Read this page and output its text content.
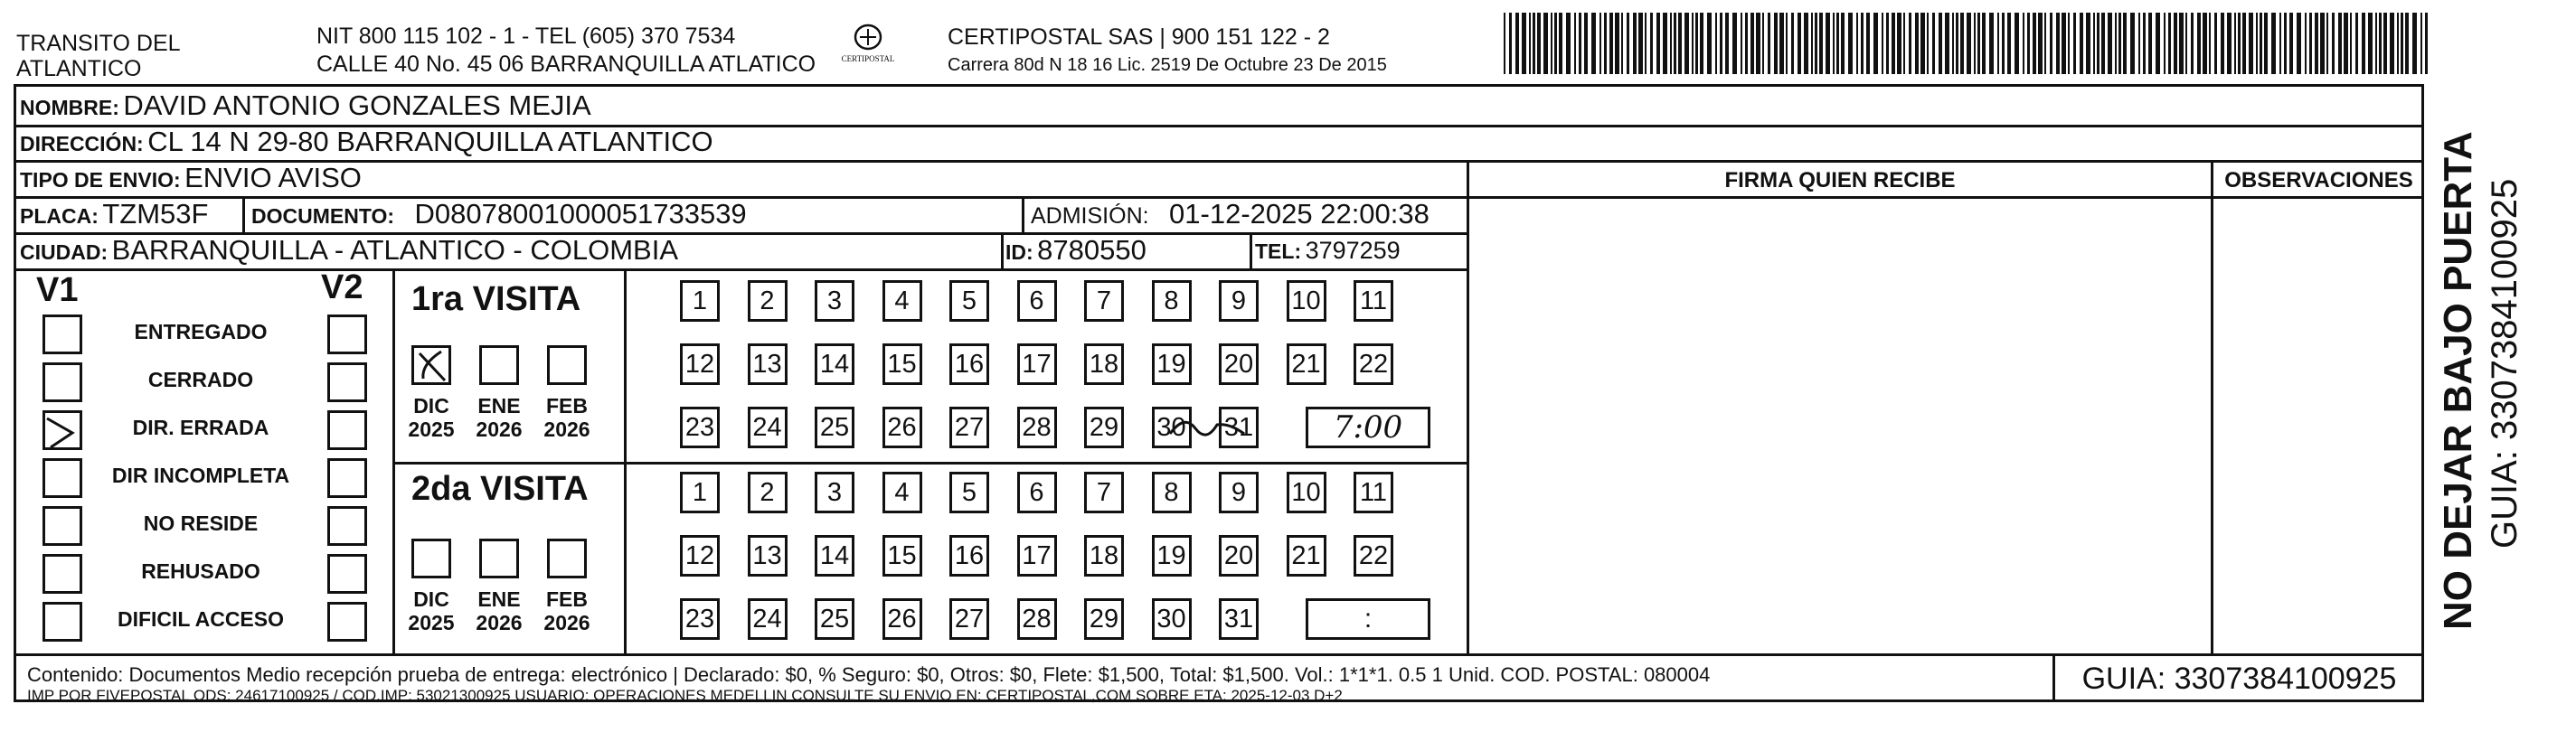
TRANSITO DEL
ATLANTICO
NIT 800 115 102 - 1 - TEL (605) 370 7534
CALLE 40 No. 45 06 BARRANQUILLA ATLATICO	CERTIPOSTAL
CERTIPOSTAL SAS | 900 151 122 - 2
Carrera 80d N 18 16 Lic. 2519 De Octubre 23 De 2015
NOMBRE: DAVID ANTONIO GONZALES MEJIA
DIRECCIÓN: CL 14 N 29-80 BARRANQUILLA ATLANTICO
TIPO DE ENVIO: ENVIO AVISO	FIRMA QUIEN RECIBE	OBSERVACIONES
PLACA: TZM53F DOCUMENTO: D08078001000051733539	ADMISIÓN: 01-12-2025 22:00:38
CIUDAD: BARRANQUILLA - ATLANTICO - COLOMBIA	ID: 8780550	TEL: 3797259
V1	V2
ENTREGADO
CERRADO
DIR. ERRADA
DIR INCOMPLETA
NO RESIDE
REHUSADO
DIFICIL ACCESO
1ra VISITA
2da VISITA
DIC
2025
ENE
2026
FEB
2026
DIC
2025
ENE
2026
FEB
2026
1	2	3	4	5	6	7	8	9	10 11
12 13 14 15 16 17 18 19 20 21 22
23 24 25 26 27 28 29 30 31
1	2	3	4	5	6	7	8	9	10 11
12 13 14 15 16 17 18 19 20 21 22
23 24 25 26 27 28 29 30 31
7:00
:
Contenido: Documentos Medio recepción prueba de entrega: electrónico | Declarado: $0, % Seguro: $0, Otros: $0, Flete: $1,500, Total: $1,500. Vol.: 1*1*1. 0.5 1 Unid. COD. POSTAL: 080004
IMP POR FIVEPOSTAL ODS: 24617100925 / COD.IMP: 53021300925 USUARIO: OPERACIONES MEDELLIN CONSULTE SU ENVIO EN: CERTIPOSTAL,COM SOBRE ETA: 2025-12-03 D+2	GUIA: 3307384100925
NO DEJAR BAJO PUERTA GUIA: 3307384100925
